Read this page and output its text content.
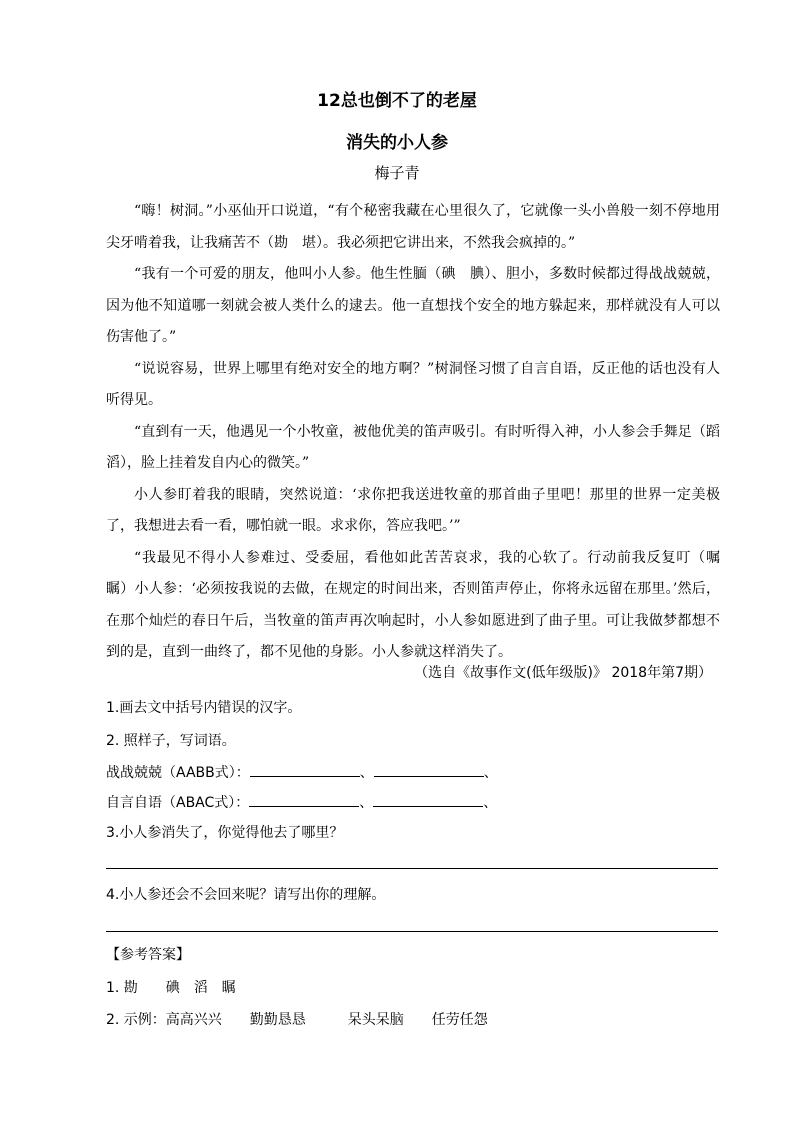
12总也倒不了的老屋
消失的小人参
梅子青

“嗨！树洞。”小巫仙开口说道，“有个秘密我藏在心里很久了，它就像一头小兽般一刻不停地用尖牙啃着我，让我痛苦不（勘　堪）。我必须把它讲出来，不然我会疯掉的。”

“我有一个可爱的朋友，他叫小人参。他生性腼（碘　腆）、胆小，多数时候都过得战战兢兢，因为他不知道哪一刻就会被人类什么的逮去。他一直想找个安全的地方躲起来，那样就没有人可以伤害他了。”

“说说容易，世界上哪里有绝对安全的地方啊？”树洞怪习惯了自言自语，反正他的话也没有人听得见。

“直到有一天，他遇见一个小牧童，被他优美的笛声吸引。有时听得入神，小人参会手舞足（蹈　滔），脸上挂着发自内心的微笑。”

小人参盯着我的眼睛，突然说道：‘求你把我送进牧童的那首曲子里吧！那里的世界一定美极了，我想进去看一看，哪怕就一眼。求求你，答应我吧。’”

“我最见不得小人参难过、受委屈，看他如此苦苦哀求，我的心软了。行动前我反复叮（嘱　瞩）小人参：‘必须按我说的去做，在规定的时间出来，否则笛声停止，你将永远留在那里。’然后，在那个灿烂的春日午后，当牧童的笛声再次响起时，小人参如愿进到了曲子里。可让我做梦都想不到的是，直到一曲终了，都不见他的身影。小人参就这样消失了。

（选自《故事作文(低年级版)》 2018年第7期）
1.画去文中括号内错误的汉字。
2. 照样子，写词语。
战战兢兢（AABB式）：	、	、
自言自语（ABAC式）：	、	、
3.小人参消失了，你觉得他去了哪里？
4.小人参还会不会回来呢？请写出你的理解。
【参考答案】
1. 勘　　碘　滔　瞩
2. 示例：高高兴兴　　勤勤恳恳　　　呆头呆脑　　任劳任怨
